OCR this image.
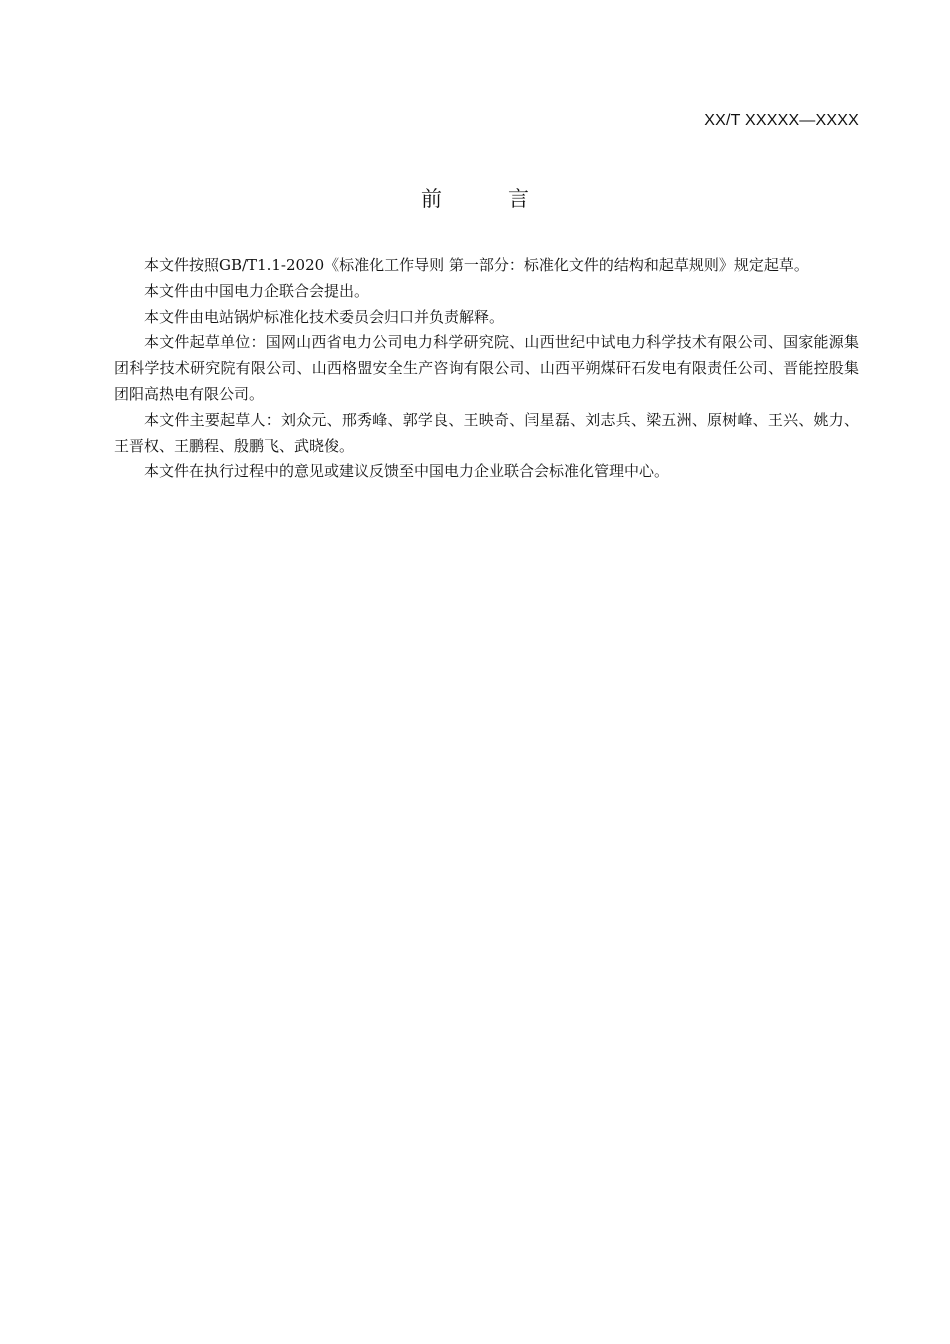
XX/T XXXXX—XXXX
前	言

本文件按照GB/T1.1-2020《标准化工作导则 第一部分：标准化文件的结构和起草规则》规定起草。

本文件由中国电力企联合会提出。

本文件由电站锅炉标准化技术委员会归口并负责解释。

本文件起草单位：国网山西省电力公司电力科学研究院、山西世纪中试电力科学技术有限公司、国家能源集团科学技术研究院有限公司、山西格盟安全生产咨询有限公司、山西平朔煤矸石发电有限责任公司、晋能控股集团阳高热电有限公司。

本文件主要起草人：刘众元、邢秀峰、郭学良、王映奇、闫星磊、刘志兵、梁五洲、原树峰、王兴、姚力、王晋权、王鹏程、殷鹏飞、武晓俊。

本文件在执行过程中的意见或建议反馈至中国电力企业联合会标准化管理中心。
